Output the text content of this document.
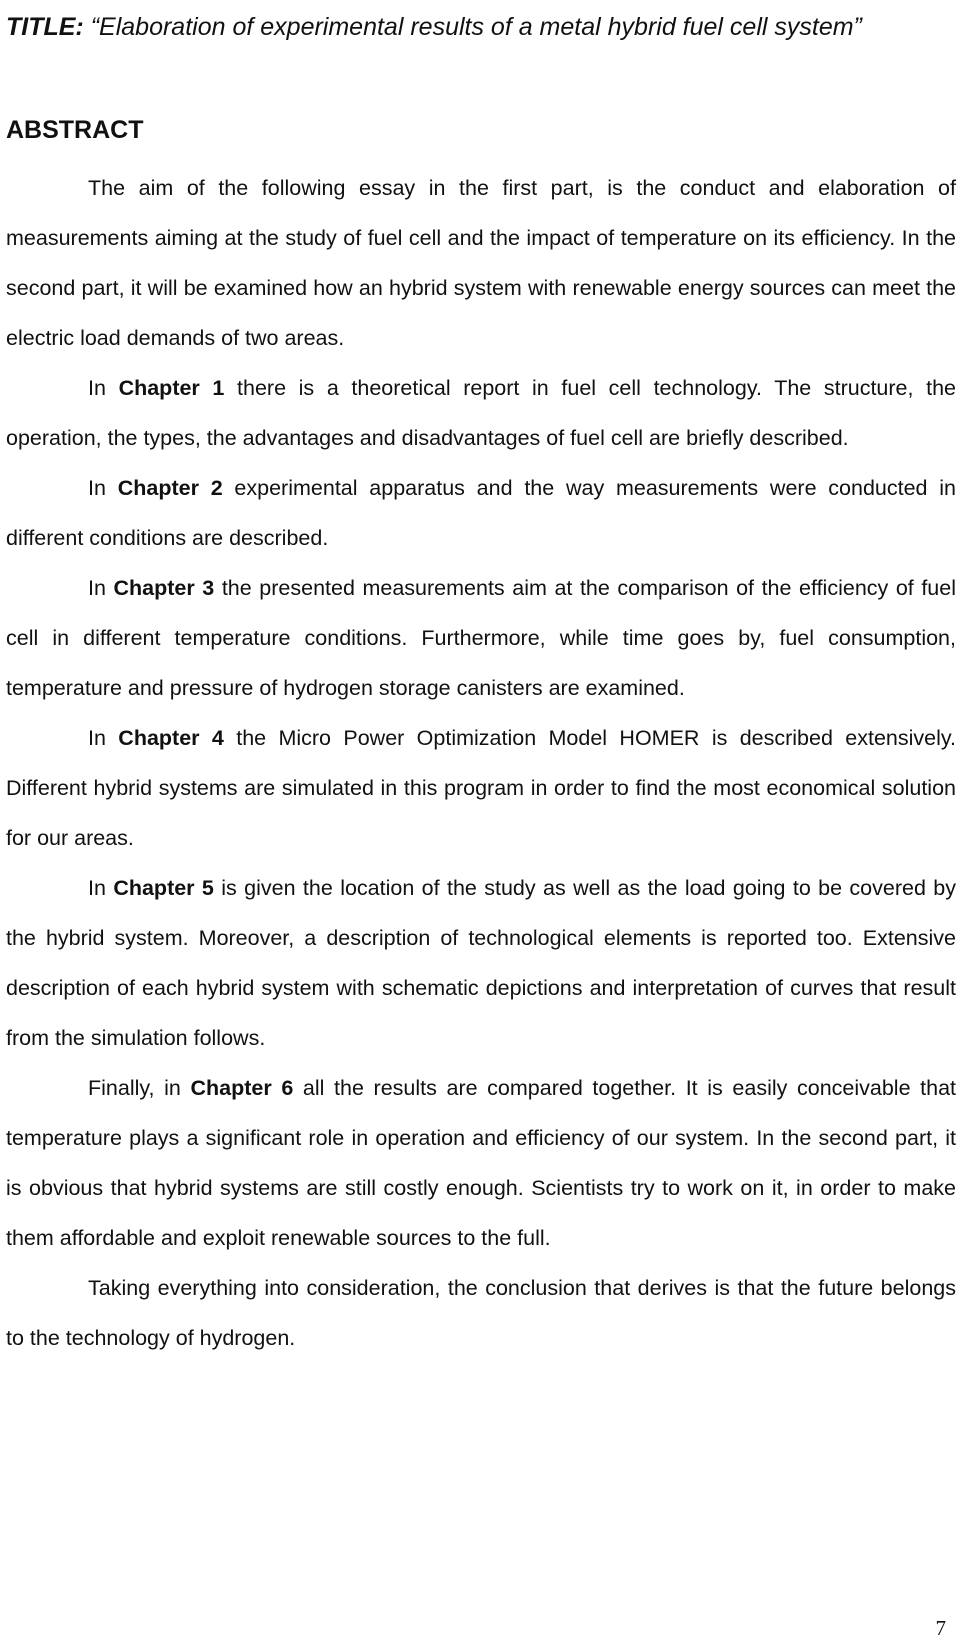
TITLE: “Elaboration of experimental results of a metal hybrid fuel cell system”
ABSTRACT

The aim of the following essay in the first part, is the conduct and elaboration of measurements aiming at the study of fuel cell and the impact of temperature on its efficiency. In the second part, it will be examined how an hybrid system with renewable energy sources can meet the electric load demands of two areas.

In Chapter 1 there is a theoretical report in fuel cell technology. The structure, the operation, the types, the advantages and disadvantages of fuel cell are briefly described.

In Chapter 2 experimental apparatus and the way measurements were conducted in different conditions are described.

In Chapter 3 the presented measurements aim at the comparison of the efficiency of fuel cell in different temperature conditions. Furthermore, while time goes by, fuel consumption, temperature and pressure of hydrogen storage canisters are examined.

In Chapter 4 the Micro Power Optimization Model HOMER is described extensively. Different hybrid systems are simulated in this program in order to find the most economical solution for our areas.

In Chapter 5 is given the location of the study as well as the load going to be covered by the hybrid system. Moreover, a description of technological elements is reported too. Extensive description of each hybrid system with schematic depictions and interpretation of curves that result from the simulation follows.

Finally, in Chapter 6 all the results are compared together. It is easily conceivable that temperature plays a significant role in operation and efficiency of our system. In the second part, it is obvious that hybrid systems are still costly enough. Scientists try to work on it, in order to make them affordable and exploit renewable sources to the full.

Taking everything into consideration, the conclusion that derives is that the future belongs to the technology of hydrogen.

7
